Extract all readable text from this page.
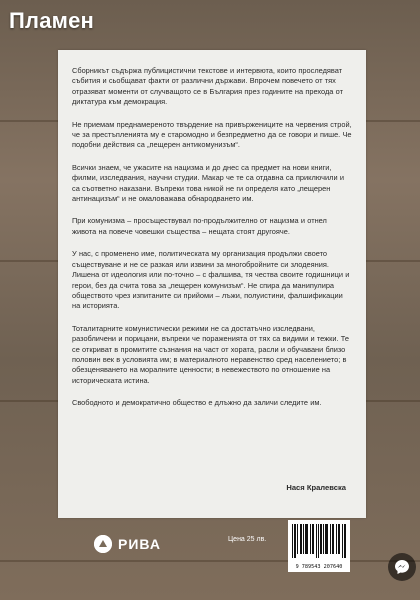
Пламен

Сборникът съдържа публицистични текстове и интервюта, които проследяват събития и сьобщават факти от различни държави. Впрочем повечето от тях отразяват моменти от случващото се в България през годините на прехода от диктатура към демокрация.

Не приемам преднамереното твърдение на привържениците на червения строй, че за престъпленията му е старомодно и безпредметно да се говори и пише. Че подобни действия са „пещерен антикомунизъм“.

Всички знаем, че ужасите на нацизма и до днес са предмет на нови книги, филми, изследвания, научни студии. Макар че те са отдавна са приключили и са съответно наказани. Въпреки това никой не ги определя като „пещерен антинацизъм“ и не омаловажава обнародването им.

При комунизма – просъществувал по-продължително от нацизма и отнел живота на повече човешки същества – нещата стоят другояче.

У нас, с променено име, политическата му организация продължи своето съществуване и не се разкая или извини за многобройните си злодеяния. Лишена от идеология или по-точно – с фалшива, тя чества своите годишници и герои, без да счита това за „пещерен комунизъм“. Не спира да манипулира обществото чрез изпитаните си прийоми – лъжи, полуистини, фалшификации на историята.

Тоталитарните комунистически режими не са достатъчно изследвани, разобличени и порицани, въпреки че пораженията от тях са видими и тежки. Те се откриват в промитите съзнания на част от хората, расли и обучавани близо половин век в условията им; в материалното неравенство сред населението; в обезценяването на моралните ценности; в невежеството по отношение на историческата истина.

Свободното и демократично общество е длъжно да заличи следите им.

Нася Кралевска
РИВА	Цена 25 лв.
9 789543 207640
